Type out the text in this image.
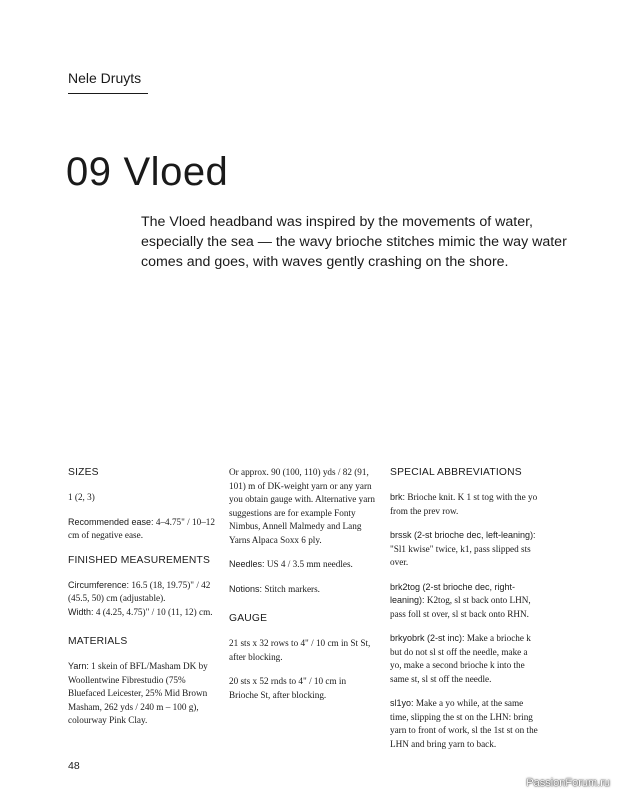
Nele Druyts
09 Vloed
The Vloed headband was inspired by the movements of water, especially the sea — the wavy brioche stitches mimic the way water comes and goes, with waves gently crashing on the shore.
SIZES
1 (2, 3)
Recommended ease: 4–4.75" / 10–12 cm of negative ease.
FINISHED MEASUREMENTS
Circumference: 16.5 (18, 19.75)" / 42 (45.5, 50) cm (adjustable).
Width: 4 (4.25, 4.75)" / 10 (11, 12) cm.
MATERIALS
Yarn: 1 skein of BFL/Masham DK by Woollentwine Fibrestudio (75% Bluefaced Leicester, 25% Mid Brown Masham, 262 yds / 240 m – 100 g), colourway Pink Clay.
Or approx. 90 (100, 110) yds / 82 (91, 101) m of DK-weight yarn or any yarn you obtain gauge with. Alternative yarn suggestions are for example Fonty Nimbus, Annell Malmedy and Lang Yarns Alpaca Soxx 6 ply.
Needles: US 4 / 3.5 mm needles.
Notions: Stitch markers.
GAUGE
21 sts x 32 rows to 4" / 10 cm in St St, after blocking.
20 sts x 52 rnds to 4" / 10 cm in Brioche St, after blocking.
SPECIAL ABBREVIATIONS
brk: Brioche knit. K 1 st tog with the yo from the prev row.
brssk (2-st brioche dec, left-leaning): "Sl1 kwise" twice, k1, pass slipped sts over.
brk2tog (2-st brioche dec, right-leaning): K2tog, sl st back onto LHN, pass foll st over, sl st back onto RHN.
brkyobrk (2-st inc): Make a brioche k but do not sl st off the needle, make a yo, make a second brioche k into the same st, sl st off the needle.
sl1yo: Make a yo while, at the same time, slipping the st on the LHN: bring yarn to front of work, sl the 1st st on the LHN and bring yarn to back.
48
PassionForum.ru
